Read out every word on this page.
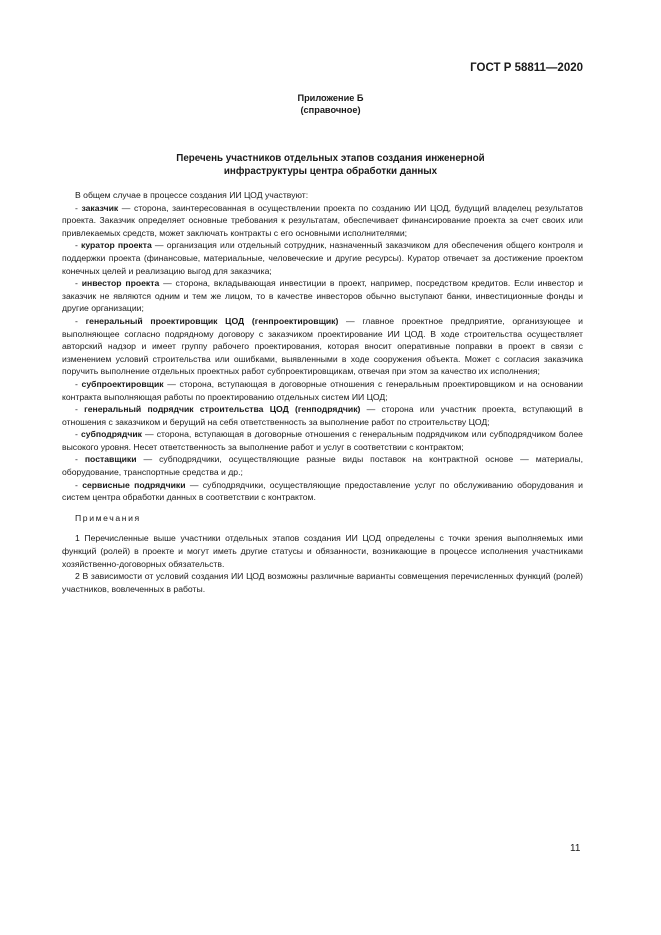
ГОСТ Р 58811—2020
Приложение Б
(справочное)
Перечень участников отдельных этапов создания инженерной
инфраструктуры центра обработки данных

В общем случае в процессе создания ИИ ЦОД участвуют:

- заказчик — сторона, заинтересованная в осуществлении проекта по созданию ИИ ЦОД, будущий владелец результатов проекта. Заказчик определяет основные требования к результатам, обеспечивает финансирование проекта за счет своих или привлекаемых средств, может заключать контракты с его основными исполнителями;

- куратор проекта — организация или отдельный сотрудник, назначенный заказчиком для обеспечения общего контроля и поддержки проекта (финансовые, материальные, человеческие и другие ресурсы). Куратор отвечает за достижение проектом конечных целей и реализацию выгод для заказчика;

- инвестор проекта — сторона, вкладывающая инвестиции в проект, например, посредством кредитов. Если инвестор и заказчик не являются одним и тем же лицом, то в качестве инвесторов обычно выступают банки, инвестиционные фонды и другие организации;

- генеральный проектировщик ЦОД (генпроектировщик) — главное проектное предприятие, организующее и выполняющее согласно подрядному договору с заказчиком проектирование ИИ ЦОД. В ходе строительства осуществляет авторский надзор и имеет группу рабочего проектирования, которая вносит оперативные поправки в проект в связи с изменением условий строительства или ошибками, выявленными в ходе сооружения объекта. Может с согласия заказчика поручить выполнение отдельных проектных работ субпроектировщикам, отвечая при этом за качество их исполнения;

- субпроектировщик — сторона, вступающая в договорные отношения с генеральным проектировщиком и на основании контракта выполняющая работы по проектированию отдельных систем ИИ ЦОД;

- генеральный подрядчик строительства ЦОД (генподрядчик) — сторона или участник проекта, вступающий в отношения с заказчиком и берущий на себя ответственность за выполнение работ по строительству ЦОД;

- субподрядчик — сторона, вступающая в договорные отношения с генеральным подрядчиком или субподрядчиком более высокого уровня. Несет ответственность за выполнение работ и услуг в соответствии с контрактом;

- поставщики — субподрядчики, осуществляющие разные виды поставок на контрактной основе — материалы, оборудование, транспортные средства и др.;

- сервисные подрядчики — субподрядчики, осуществляющие предоставление услуг по обслуживанию оборудования и систем центра обработки данных в соответствии с контрактом.

Примечания

1 Перечисленные выше участники отдельных этапов создания ИИ ЦОД определены с точки зрения выполняемых ими функций (ролей) в проекте и могут иметь другие статусы и обязанности, возникающие в процессе исполнения участниками хозяйственно-договорных обязательств.

2 В зависимости от условий создания ИИ ЦОД возможны различные варианты совмещения перечисленных функций (ролей) участников, вовлеченных в работы.

11
